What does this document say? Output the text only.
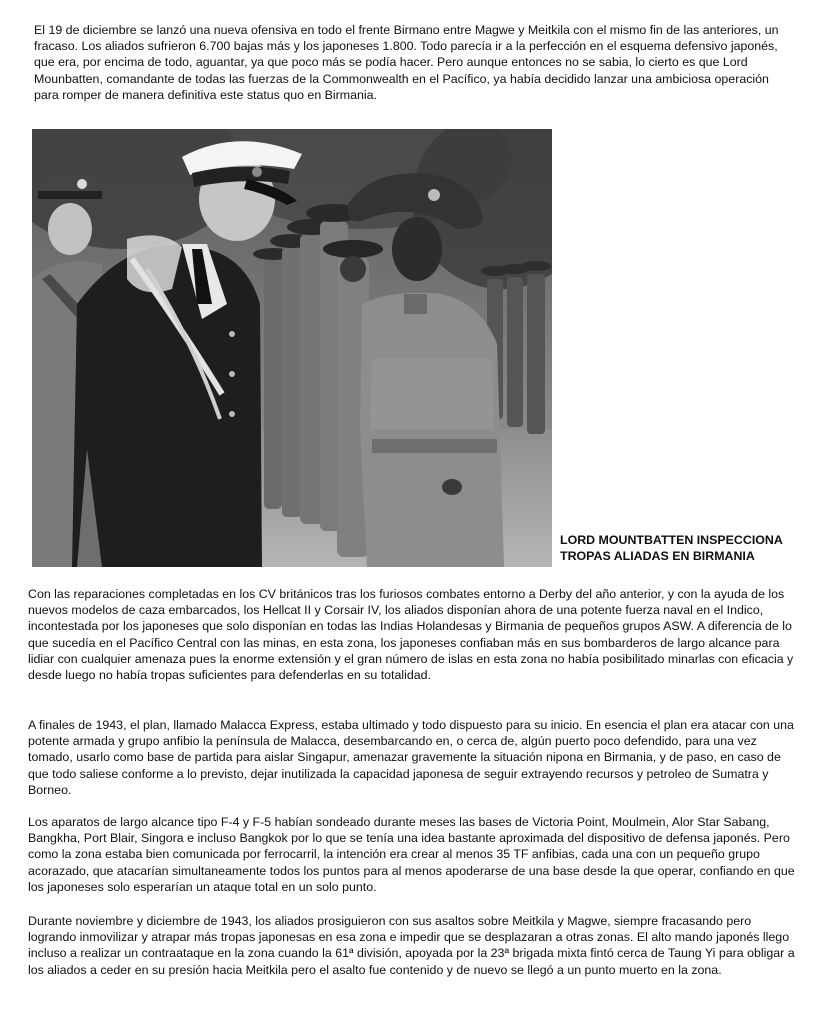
El 19 de diciembre se lanzó una nueva ofensiva en todo el frente Birmano entre Magwe y Meitkila con el mismo fin de las anteriores, un fracaso. Los aliados sufrieron 6.700 bajas más y los japoneses 1.800. Todo parecía ir a la perfección en el esquema defensivo japonés, que era, por encima de todo, aguantar, ya que poco más se podía hacer. Pero aunque entonces no se sabia, lo cierto es que Lord Mounbatten, comandante de todas las fuerzas de la Commonwealth en el Pacífico, ya había decidido lanzar una ambiciosa operación para romper de manera definitiva este status quo en Birmania.

LORD MOUNTBATTEN INSPECCIONA
TROPAS ALIADAS EN BIRMANIA

Con las reparaciones completadas en los CV británicos tras los furiosos combates entorno a Derby del año anterior, y con la ayuda de los nuevos modelos de caza embarcados, los Hellcat II y Corsair IV, los aliados disponían ahora de una potente fuerza naval en el Indico, incontestada por los japoneses que solo disponían en todas las Indias Holandesas y Birmania de pequeños grupos ASW. A diferencia de lo que sucedía en el Pacífico Central con las minas, en esta zona, los japoneses confiaban más en sus bombarderos de largo alcance para lidiar con cualquier amenaza pues la enorme extensión y el gran número de islas en esta zona no había posibilitado minarlas con eficacia y desde luego no había tropas suficientes para defenderlas en su totalidad.

A finales de 1943, el plan, llamado Malacca Express, estaba ultimado y todo dispuesto para su inicio. En esencia el plan era atacar con una potente armada y grupo anfibio la península de Malacca, desembarcando en, o cerca de, algún puerto poco defendido, para una vez tomado, usarlo como base de partida para aislar Singapur, amenazar gravemente la situación nipona en Birmania, y de paso, en caso de que todo saliese conforme a lo previsto, dejar inutilizada la capacidad japonesa de seguir extrayendo recursos y petroleo de Sumatra y Borneo.

Los aparatos de largo alcance tipo F-4 y F-5 habían sondeado durante meses las bases de Victoria Point, Moulmein, Alor Star Sabang, Bangkha, Port Blair, Singora e incluso Bangkok por lo que se tenía una idea bastante aproximada del dispositivo de defensa japonés. Pero como la zona estaba bien comunicada por ferrocarril, la intención era crear al menos 35 TF anfibias, cada una con un pequeño grupo acorazado, que atacarían simultaneamente todos los puntos para al menos apoderarse de una base desde la que operar, confiando en que los japoneses solo esperarían un ataque total en un solo punto.

Durante noviembre y diciembre de 1943, los aliados prosiguieron con sus asaltos sobre Meitkila y Magwe, siempre fracasando pero logrando inmovilizar y atrapar más tropas japonesas en esa zona e impedir que se desplazaran a otras zonas. El alto mando japonés llego incluso a realizar un contraataque en la zona cuando la 61ª división, apoyada por la 23ª brigada mixta fintó cerca de Taung Yi para obligar a los aliados a ceder en su presión hacia Meitkila pero el asalto fue contenido y de nuevo se llegó a un punto muerto en la zona.
